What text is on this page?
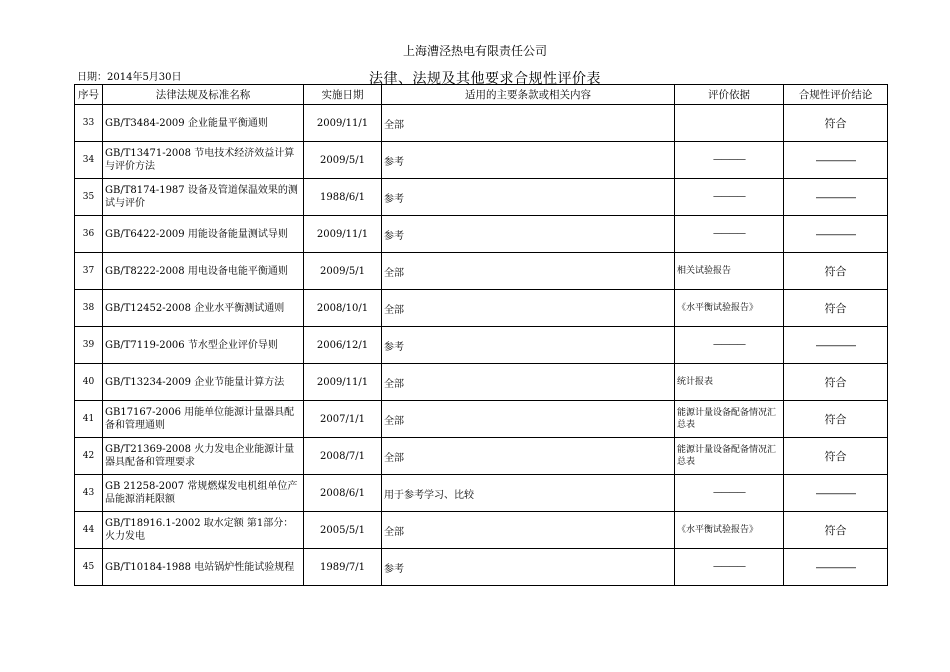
上海漕泾热电有限责任公司
日期：2014年5月30日	法律、法规及其他要求合规性评价表
序号	法律法规及标准名称	实施日期	适用的主要条款或相关内容	评价依据	合规性评价结论
33	GB/T3484-2009 企业能量平衡通则	2009/11/1	全部		符合
34	GB/T13471-2008 节电技术经济效益计算与评价方法	2009/5/1	参考	————	————
35	GB/T8174-1987 设备及管道保温效果的测试与评价	1988/6/1	参考	————	————
36	GB/T6422-2009 用能设备能量测试导则	2009/11/1	参考	————	————
37	GB/T8222-2008 用电设备电能平衡通则	2009/5/1	全部	相关试验报告	符合
38	GB/T12452-2008 企业水平衡测试通则	2008/10/1	全部	《水平衡试验报告》	符合
39	GB/T7119-2006 节水型企业评价导则	2006/12/1	参考	————	————
40	GB/T13234-2009 企业节能量计算方法	2009/11/1	全部	统计报表	符合
41	GB17167-2006 用能单位能源计量器具配备和管理通则	2007/1/1	全部	能源计量设备配备情况汇总表	符合
42	GB/T21369-2008 火力发电企业能源计量器具配备和管理要求	2008/7/1	全部	能源计量设备配备情况汇总表	符合
43	GB 21258-2007 常规燃煤发电机组单位产品能源消耗限额	2008/6/1	用于参考学习、比较	————	————
44	GB/T18916.1-2002 取水定额 第1部分：火力发电	2005/5/1	全部	《水平衡试验报告》	符合
45	GB/T10184-1988 电站锅炉性能试验规程	1989/7/1	参考	————	————
